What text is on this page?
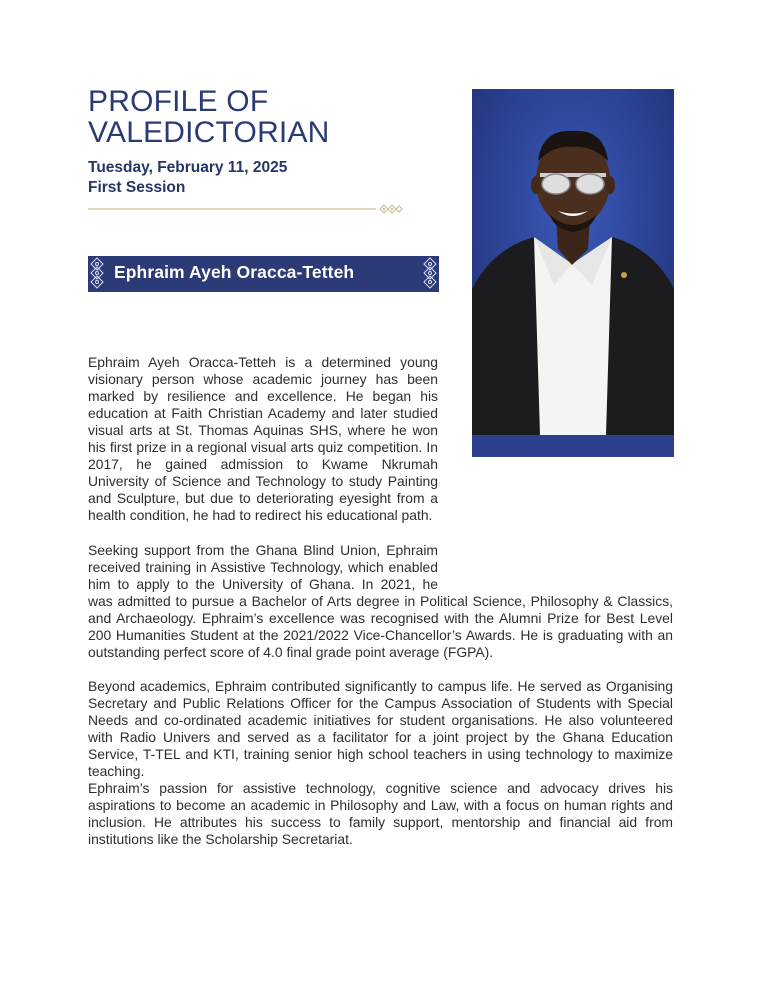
PROFILE OF
VALEDICTORIAN
Tuesday, February 11, 2025
First Session
Ephraim Ayeh Oracca-Tetteh

Ephraim Ayeh Oracca-Tetteh is a determined young visionary person whose academic journey has been marked by resilience and excellence. He began his education at Faith Christian Academy and later studied visual arts at St. Thomas Aquinas SHS, where he won his first prize in a regional visual arts quiz competition. In 2017, he gained admission to Kwame Nkrumah University of Science and Technology to study Painting and Sculpture, but due to deteriorating eyesight from a health condition, he had to redirect his educational path.

Seeking support from the Ghana Blind Union, Ephraim received training in Assistive Technology, which enabled him to apply to the University of Ghana. In 2021, he

was admitted to pursue a Bachelor of Arts degree in Political Science, Philosophy & Classics, and Archaeology. Ephraim’s excellence was recognised with the Alumni Prize for Best Level 200 Humanities Student at the 2021/2022 Vice-Chancellor’s Awards. He is graduating with an outstanding perfect score of 4.0 final grade point average (FGPA).

Beyond academics, Ephraim contributed significantly to campus life. He served as Organising Secretary and Public Relations Officer for the Campus Association of Students with Special Needs and co-ordinated academic initiatives for student organisations. He also volunteered with Radio Univers and served as a facilitator for a joint project by the Ghana Education Service, T-TEL and KTI, training senior high school teachers in using technology to maximize teaching.

Ephraim’s passion for assistive technology, cognitive science and advocacy drives his aspirations to become an academic in Philosophy and Law, with a focus on human rights and inclusion. He attributes his success to family support, mentorship and financial aid from institutions like the Scholarship Secretariat.
